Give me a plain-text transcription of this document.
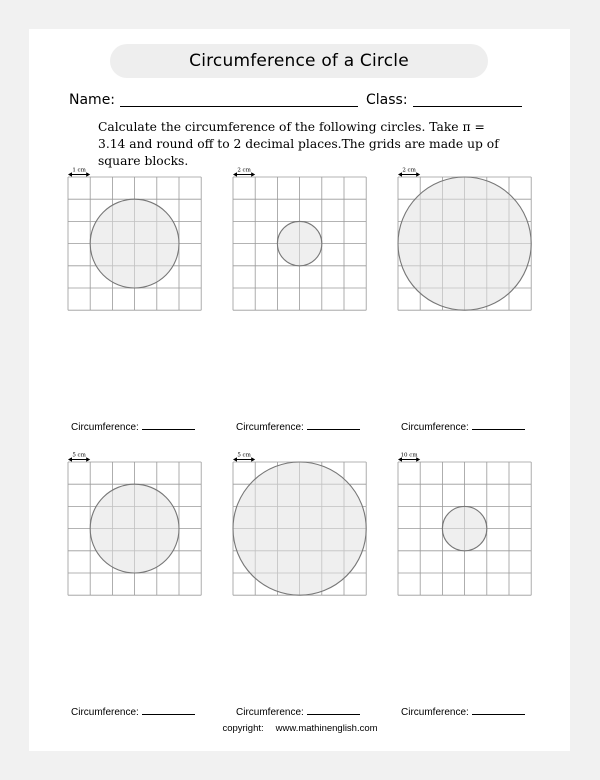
Circumference of a Circle
Name:	Class:
Calculate the circumference of the following circles. Take π = 3.14 and round off to 2 decimal places.The grids are made up of square blocks.
1 cm	2 cm	2 cm
5 cm	5 cm	10 cm
Circumference:	Circumference:	Circumference:
Circumference:	Circumference:	Circumference:
copyright: www.mathinenglish.com
